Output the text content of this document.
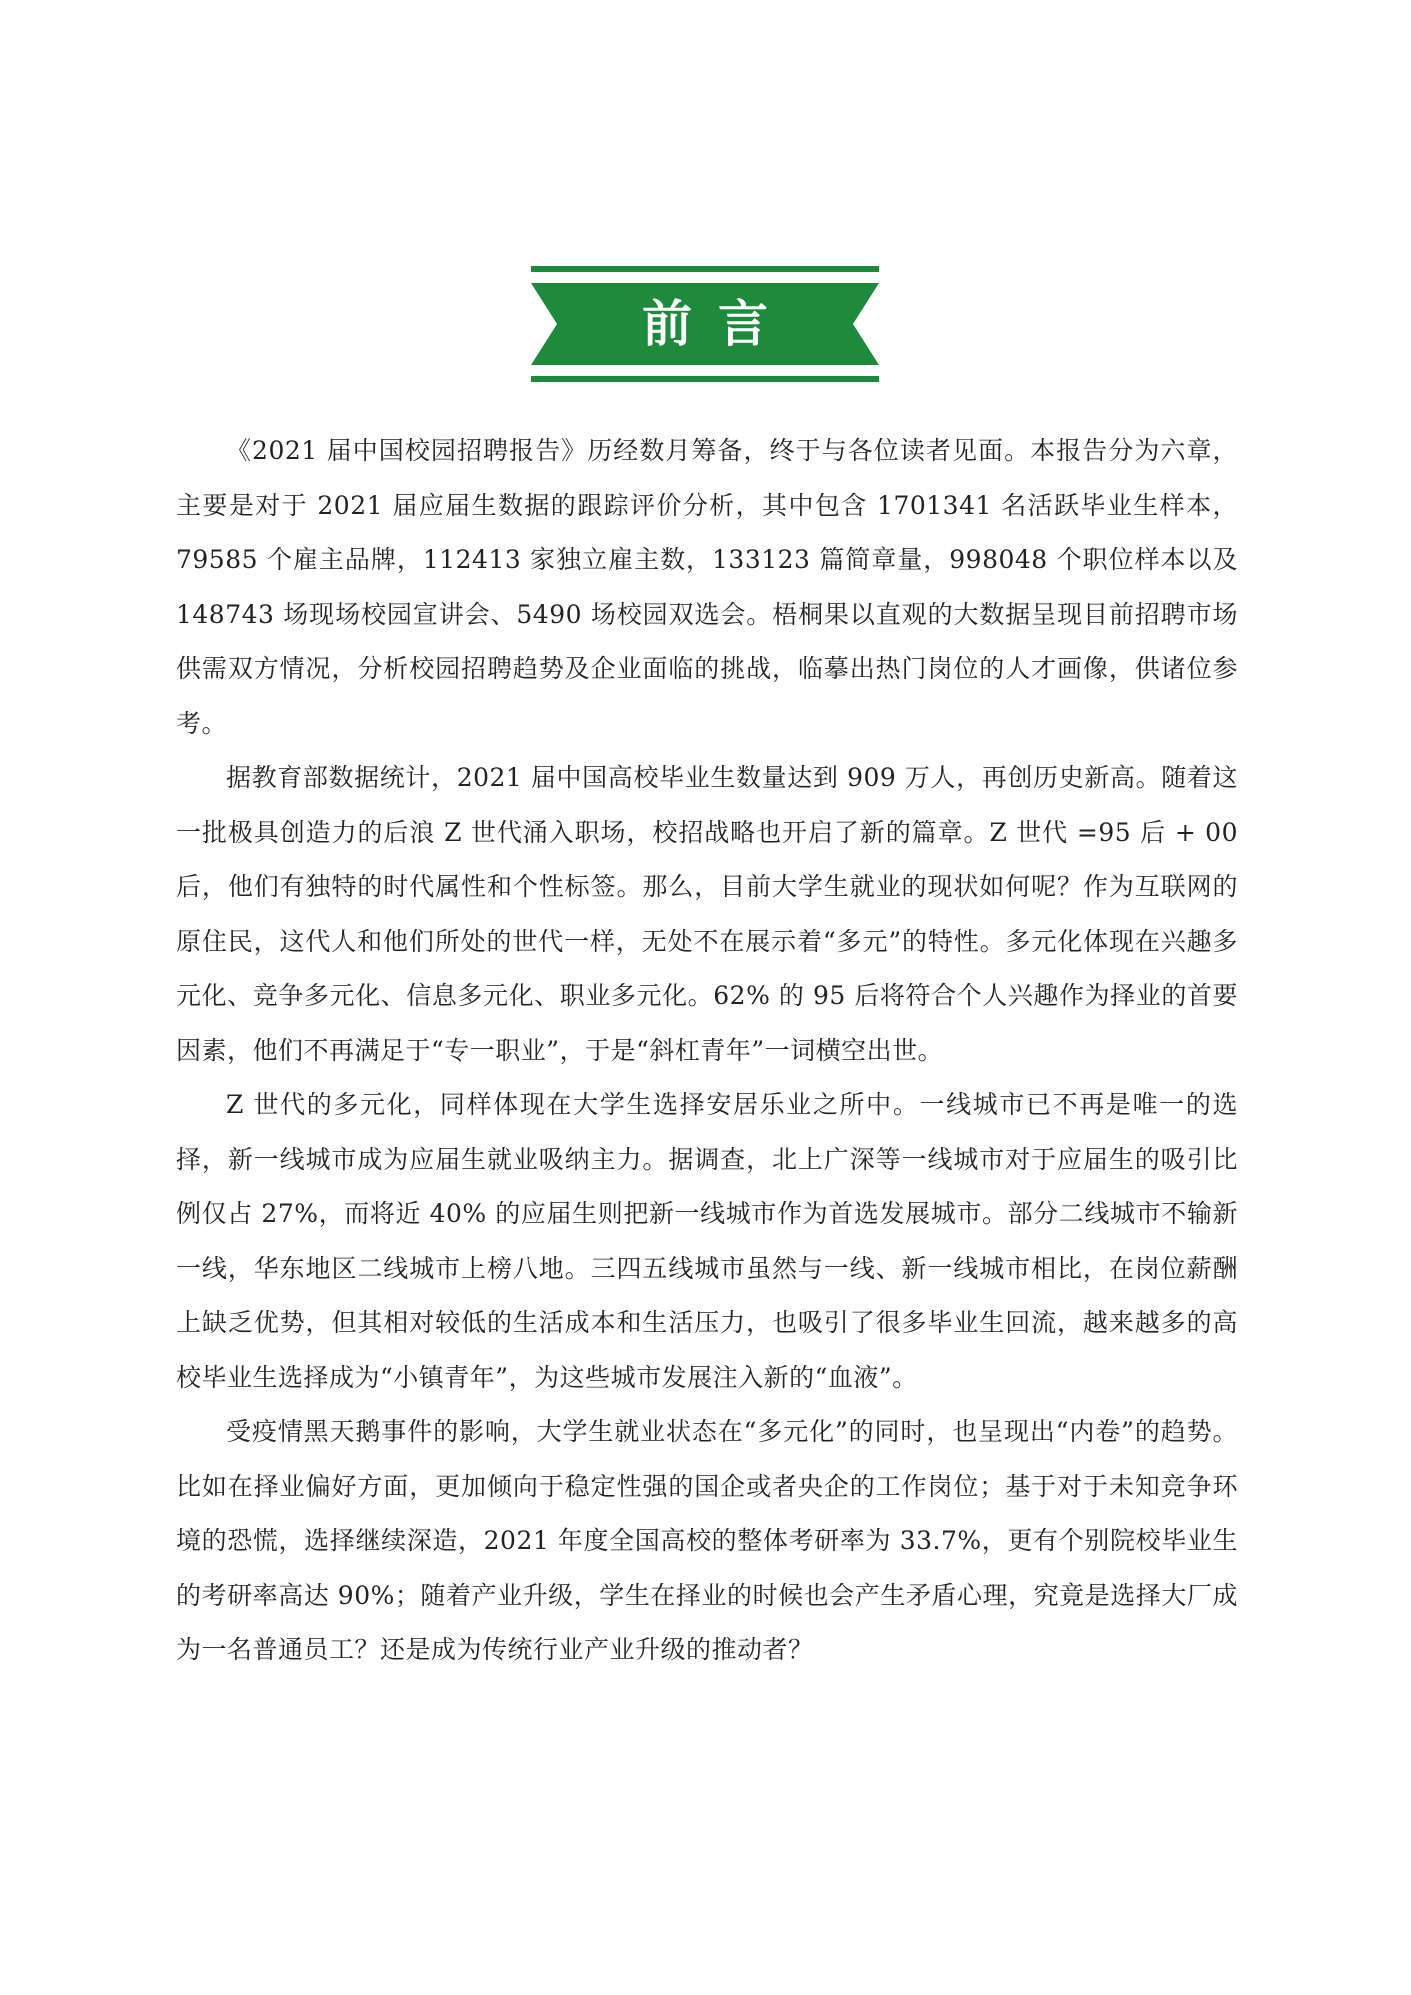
前言

《2021 届中国校园招聘报告》历经数月筹备，终于与各位读者见面。本报告分为六章，主要是对于 2021 届应届生数据的跟踪评价分析，其中包含 1701341 名活跃毕业生样本，79585 个雇主品牌，112413 家独立雇主数，133123 篇简章量，998048 个职位样本以及 148743 场现场校园宣讲会、5490 场校园双选会。梧桐果以直观的大数据呈现目前招聘市场供需双方情况，分析校园招聘趋势及企业面临的挑战，临摹出热门岗位的人才画像，供诸位参考。

据教育部数据统计，2021 届中国高校毕业生数量达到 909 万人，再创历史新高。随着这一批极具创造力的后浪 Z 世代涌入职场，校招战略也开启了新的篇章。Z 世代 =95 后 + 00 后，他们有独特的时代属性和个性标签。那么，目前大学生就业的现状如何呢？作为互联网的原住民，这代人和他们所处的世代一样，无处不在展示着“多元”的特性。多元化体现在兴趣多元化、竞争多元化、信息多元化、职业多元化。62% 的 95 后将符合个人兴趣作为择业的首要因素，他们不再满足于“专一职业”，于是“斜杠青年”一词横空出世。

Z 世代的多元化，同样体现在大学生选择安居乐业之所中。一线城市已不再是唯一的选择，新一线城市成为应届生就业吸纳主力。据调查，北上广深等一线城市对于应届生的吸引比例仅占 27%，而将近 40% 的应届生则把新一线城市作为首选发展城市。部分二线城市不输新一线，华东地区二线城市上榜八地。三四五线城市虽然与一线、新一线城市相比，在岗位薪酬上缺乏优势，但其相对较低的生活成本和生活压力，也吸引了很多毕业生回流，越来越多的高校毕业生选择成为“小镇青年”，为这些城市发展注入新的“血液”。

受疫情黑天鹅事件的影响，大学生就业状态在“多元化”的同时，也呈现出“内卷”的趋势。比如在择业偏好方面，更加倾向于稳定性强的国企或者央企的工作岗位；基于对于未知竞争环境的恐慌，选择继续深造，2021 年度全国高校的整体考研率为 33.7%，更有个别院校毕业生的考研率高达 90%；随着产业升级，学生在择业的时候也会产生矛盾心理，究竟是选择大厂成为一名普通员工？还是成为传统行业产业升级的推动者？
